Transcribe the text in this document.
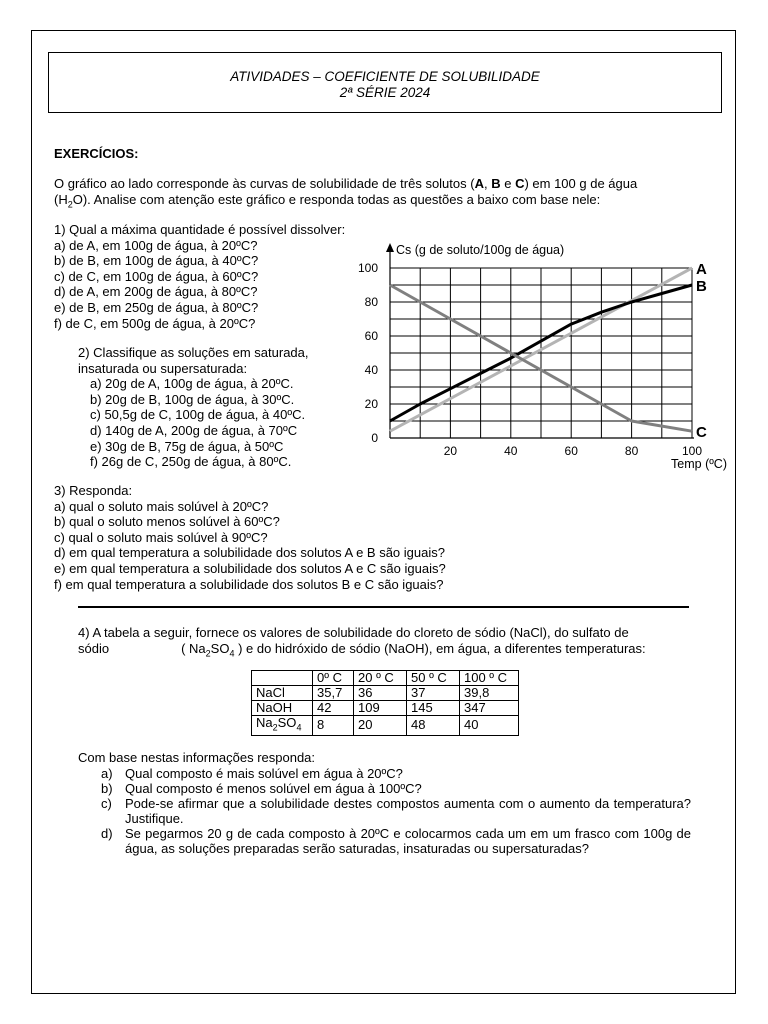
ATIVIDADES – COEFICIENTE DE SOLUBILIDADE
2ª SÉRIE 2024
EXERCÍCIOS:
O gráfico ao lado corresponde às curvas de solubilidade de três solutos (A, B e C) em 100 g de água
$(H_2O)$. Analise com atenção este gráfico e responda todas as questões a baixo com base nele:
1) Qual a máxima quantidade é possível dissolver:
a) de A, em 100g de água, à 20ºC?
b) de B, em 100g de água, à 40ºC?
c) de C, em 100g de água, à 60ºC?
d) de A, em 200g de água, à 80ºC?
e) de B, em 250g de água, à 80ºC?
f) de C, em 500g de água, à 20ºC?
2) Classifique as soluções em saturada,
insaturada ou supersaturada:
a) 20g de A, 100g de água, à 20ºC.
b) 20g de B, 100g de água, à 30ºC.
c) 50,5g de C, 100g de água, à 40ºC.
d) 140g de A, 200g de água, à 70ºC
e) 30g de B, 75g de água, à 50ºC
f) 26g de C, 250g de água, à 80ºC.
3) Responda:
a) qual o soluto mais solúvel à 20ºC?
b) qual o soluto menos solúvel à 60ºC?
c) qual o soluto mais solúvel à 90ºC?
d) em qual temperatura a solubilidade dos solutos A e B são iguais?
e) em qual temperatura a solubilidade dos solutos A e C são iguais?
f) em qual temperatura a solubilidade dos solutos B e C são iguais?
0
20
40
60
80
100
20	40	60	80	100
Cs (g de soluto/100g de água)
Temp (ºC)
A
B
C
4) A tabela a seguir, fornece os valores de solubilidade do cloreto de sódio (NaCl), do sulfato de
sódio	( $Na_2SO_4$ ) e do hidróxido de sódio (NaOH), em água, a diferentes temperaturas:
	0º C	20 º C	50 º C	100 º C
NaCl	35,7	36	37	39,8
NaOH	42	109	145	347
$Na_2SO_4$	8	20	48	40
Com base nestas informações responda:
a) Qual composto é mais solúvel em água à 20ºC?
b) Qual composto é menos solúvel em água à 100ºC?
c)	Pode-se afirmar que a solubilidade destes compostos aumenta com o aumento da temperatura? Justifique.
d) Se pegarmos 20 g de cada composto à 20ºC e colocarmos cada um em um frasco com 100g de água, as soluções preparadas serão saturadas, insaturadas ou supersaturadas?
